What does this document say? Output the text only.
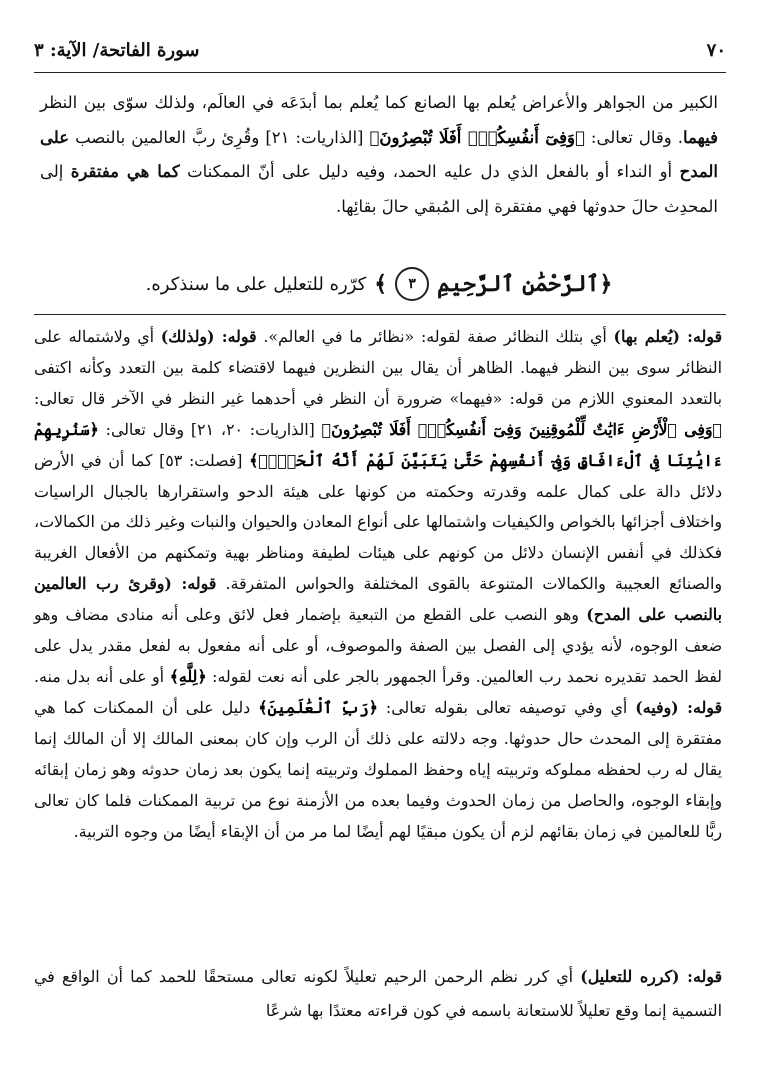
٧٠
سورة الفاتحة/ الآية: ٣

الكبير من الجواهر والأعراض يُعلم بها الصانع كما يُعلم بما أبدَعَه في العالَم، ولذلك سوّى بين النظر فيهما. وقال تعالى: ﴿وَفِىٓ أَنفُسِكُمْۚ أَفَلَا تُبْصِرُونَ﴾ [الذاريات: ٢١] وقُرِئ ربَّ العالمين بالنصب على المدح أو النداء أو بالفعل الذي دل عليه الحمد، وفيه دليل على أنّ الممكنات كما هي مفتقرة إلى المحدِث حالَ حدوثها فهي مفتقرة إلى المُبقي حالَ بقائِها.

﴿ٱلرَّحْمَٰنِ ٱلرَّحِيمِ
٣
﴾
كرّره للتعليل على ما سنذكره.

قوله: (يُعلم بها) أي بتلك النظائر صفة لقوله: «نظائر ما في العالم». قوله: (ولذلك) أي ولاشتماله على النظائر سوى بين النظر فيهما. الظاهر أن يقال بين النظرين فيهما لاقتضاء كلمة بين التعدد وكأنه اكتفى بالتعدد المعنوي اللازم من قوله: «فيهما» ضرورة أن النظر في أحدهما غير النظر في الآخر قال تعالى: ﴿وَفِى ٱلْأَرْضِ ءَايَٰتٌ لِّلْمُوقِنِينَ وَفِىٓ أَنفُسِكُمْۚ أَفَلَا تُبْصِرُونَ﴾ [الذاريات: ٢٠، ٢١] وقال تعالى: ﴿سَنُرِيهِمْ ءَايَٰتِنَا فِى ٱلْءَافَاقِ وَفِىٓ أَنفُسِهِمْ حَتَّىٰ يَتَبَيَّنَ لَهُمْ أَنَّهُ ٱلْحَقُّۗ﴾ [فصلت: ٥٣] كما أن في الأرض دلائل دالة على كمال علمه وقدرته وحكمته من كونها على هيئة الدحو واستقرارها بالجبال الراسيات واختلاف أجزائها بالخواص والكيفيات واشتمالها على أنواع المعادن والحيوان والنبات وغير ذلك من الكمالات، فكذلك في أنفس الإنسان دلائل من كونهم على هيئات لطيفة ومناظر بهية وتمكنهم من الأفعال الغريبة والصنائع العجيبة والكمالات المتنوعة بالقوى المختلفة والحواس المتفرقة. قوله: (وقرئ رب العالمين بالنصب على المدح) وهو النصب على القطع من التبعية بإضمار فعل لائق وعلى أنه منادى مضاف وهو ضعف الوجوه، لأنه يؤدي إلى الفصل بين الصفة والموصوف، أو على أنه مفعول به لفعل مقدر يدل على لفظ الحمد تقديره نحمد رب العالمين. وقرأ الجمهور بالجر على أنه نعت لقوله: ﴿لِلَّهِ﴾ أو على أنه بدل منه. قوله: (وفيه) أي وفي توصيفه تعالى بقوله تعالى: ﴿رَبِّ ٱلْعَٰلَمِينَ﴾ دليل على أن الممكنات كما هي مفتقرة إلى المحدث حال حدوثها. وجه دلالته على ذلك أن الرب وإن كان بمعنى المالك إلا أن المالك إنما يقال له رب لحفظه مملوكه وتربيته إياه وحفظ المملوك وتربيته إنما يكون بعد زمان حدوثه وهو زمان إبقائه وإبقاء الوجوه، والحاصل من زمان الحدوث وفيما بعده من الأزمنة نوع من تربية الممكنات فلما كان تعالى ربًّا للعالمين في زمان بقائهم لزم أن يكون مبقيًا لهم أيضًا لما مر من أن الإبقاء أيضًا من وجوه التربية.

قوله: (كرره للتعليل) أي كرر نظم الرحمن الرحيم تعليلاً لكونه تعالى مستحقًا للحمد كما أن الواقع في التسمية إنما وقع تعليلاً للاستعانة باسمه في كون قراءته معتدًا بها شرعًا
